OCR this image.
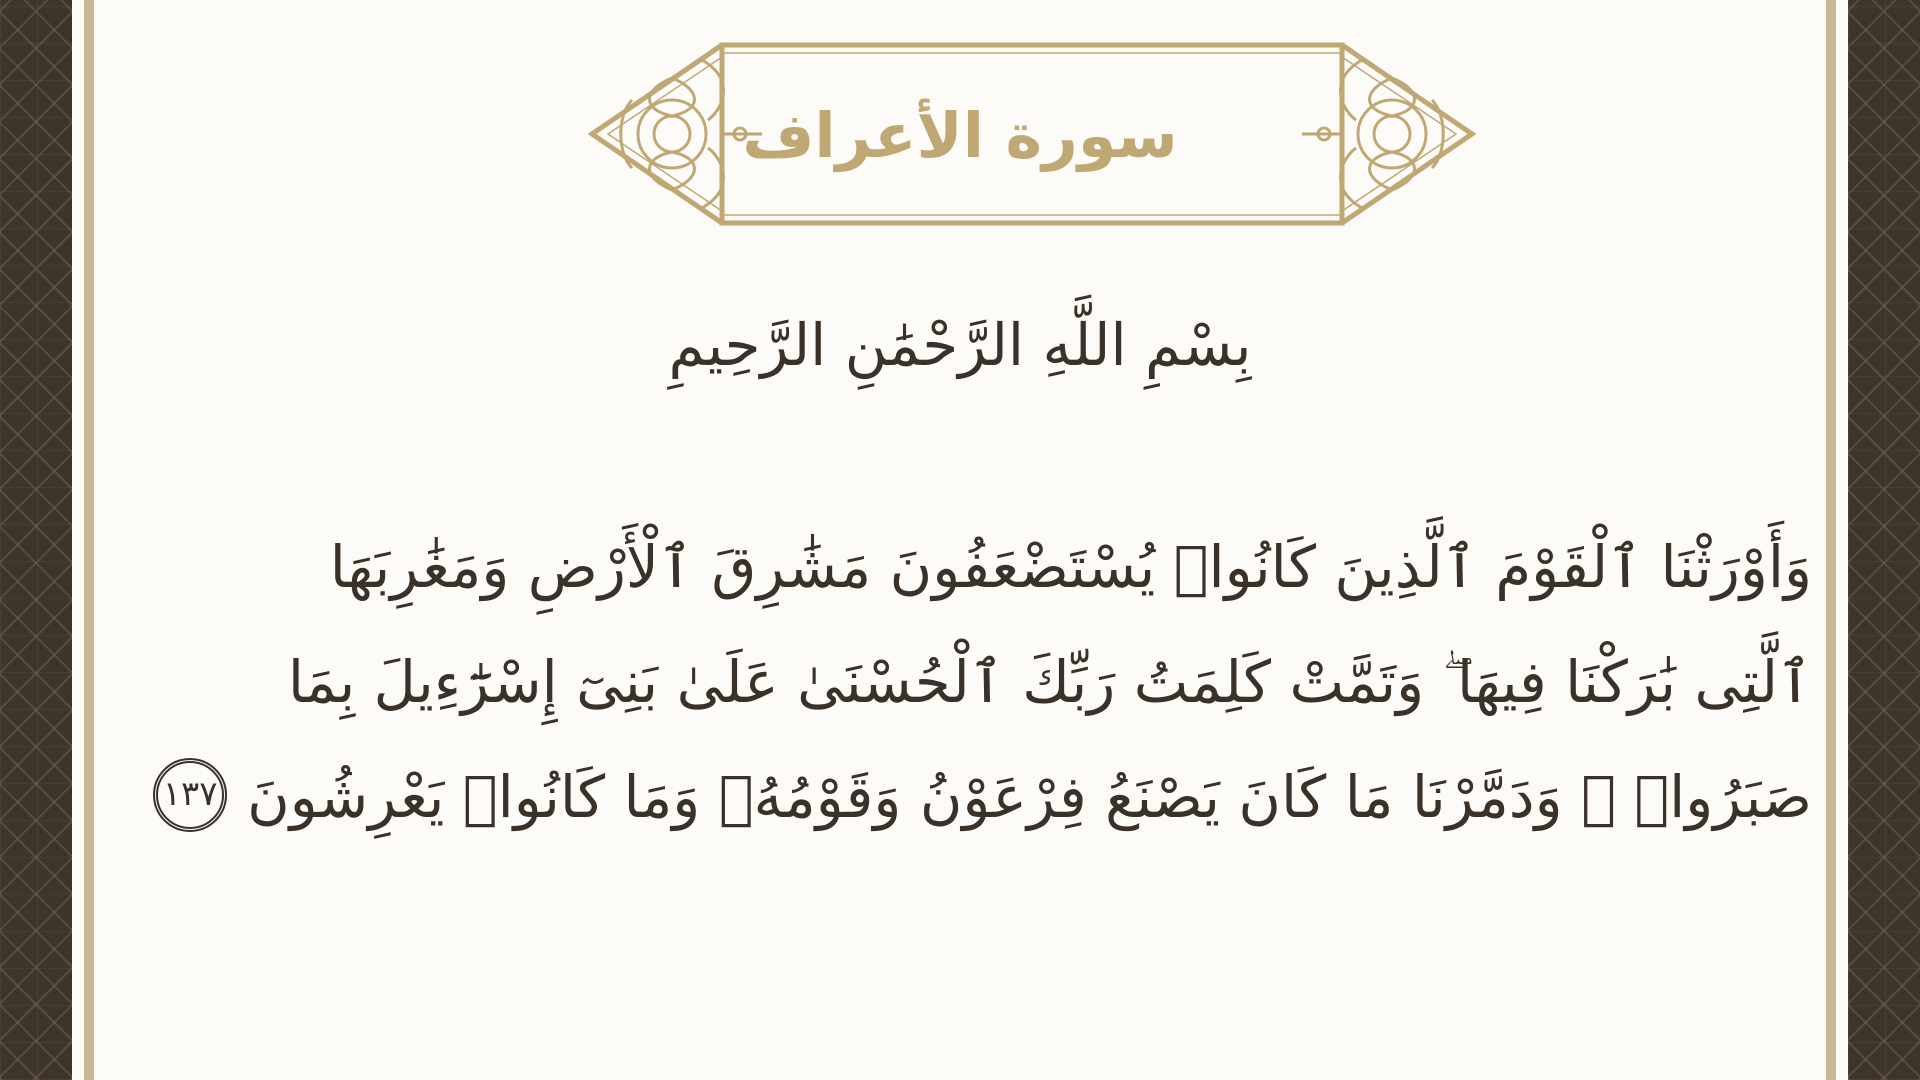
سورة الأعراف
بِسْمِ اللَّهِ الرَّحْمَٰنِ الرَّحِيمِ
وَأَوْرَثْنَا ٱلْقَوْمَ ٱلَّذِينَ كَانُوا۟ يُسْتَضْعَفُونَ مَشَٰرِقَ ٱلْأَرْضِ وَمَغَٰرِبَهَا
ٱلَّتِى بَٰرَكْنَا فِيهَا ۖ وَتَمَّتْ كَلِمَتُ رَبِّكَ ٱلْحُسْنَىٰ عَلَىٰ بَنِىٓ إِسْرَٰٓءِيلَ بِمَا
صَبَرُوا۟ ۖ وَدَمَّرْنَا مَا كَانَ يَصْنَعُ فِرْعَوْنُ وَقَوْمُهُۥ وَمَا كَانُوا۟ يَعْرِشُونَ١٣٧
